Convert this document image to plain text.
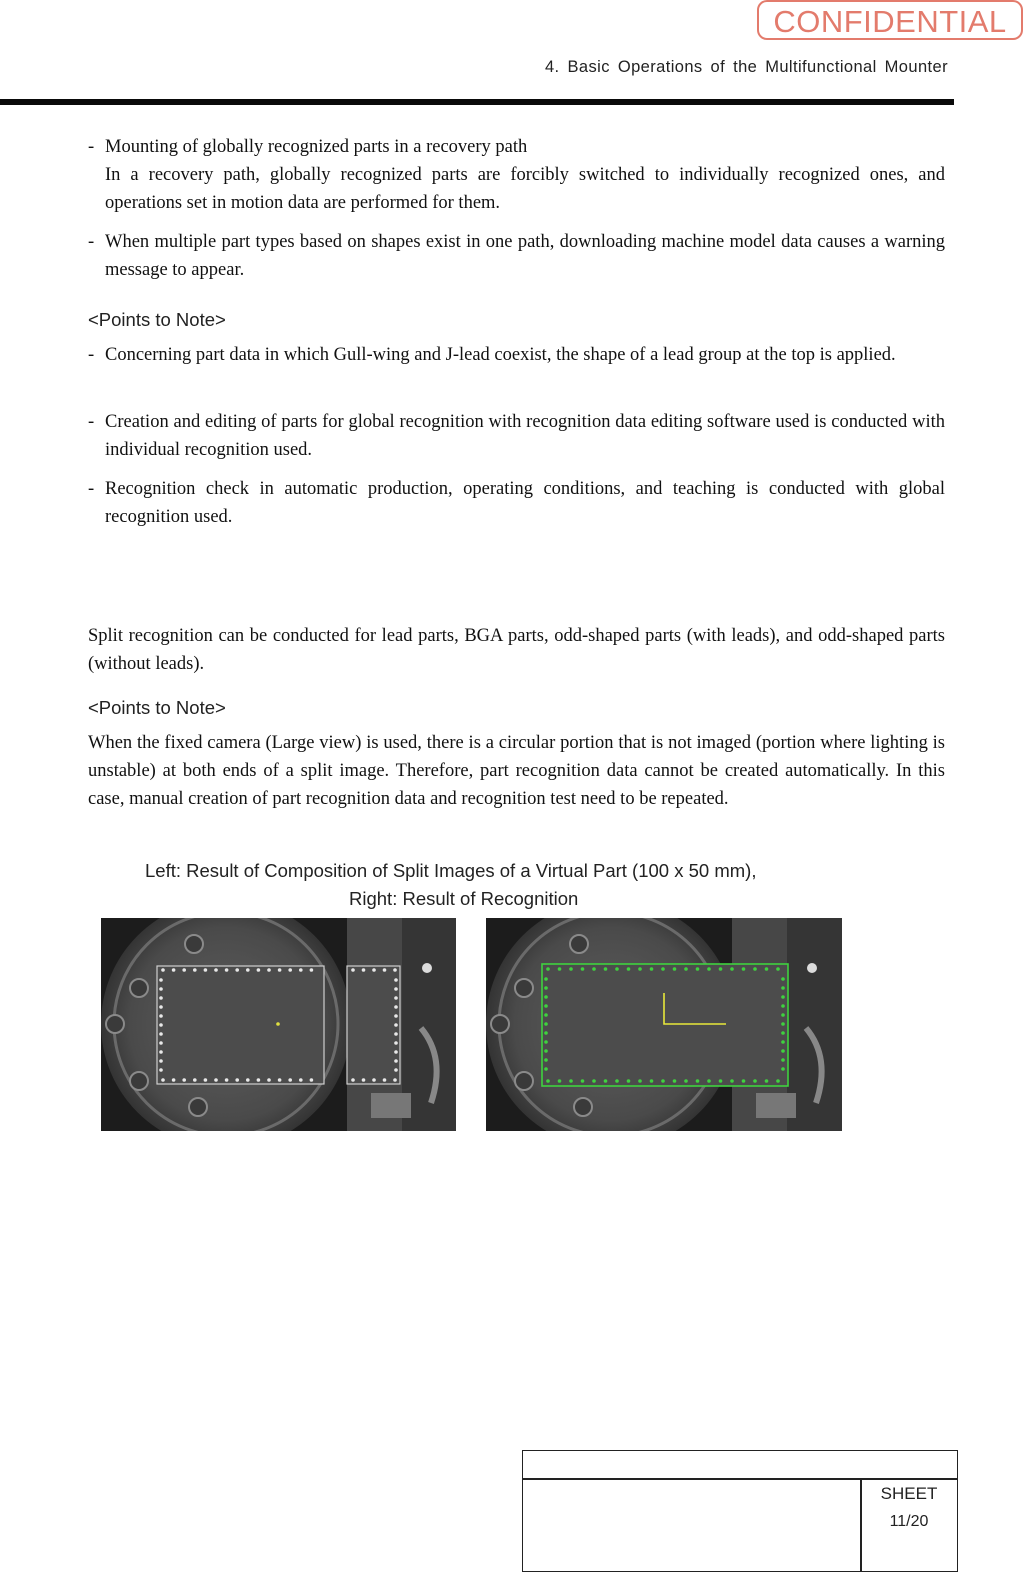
CONFIDENTIAL
4. Basic Operations of the Multifunctional Mounter
- Mounting of globally recognized parts in a recovery path
In a recovery path, globally recognized parts are forcibly switched to individually recognized ones, and operations set in motion data are performed for them.
- When multiple part types based on shapes exist in one path, downloading machine model data causes a warning message to appear.
<Points to Note>
- Concerning part data in which Gull-wing and J-lead coexist, the shape of a lead group at the top is applied.
- Creation and editing of parts for global recognition with recognition data editing software used is conducted with individual recognition used.
- Recognition check in automatic production, operating conditions, and teaching is conducted with global recognition used.
Split recognition can be conducted for lead parts, BGA parts, odd-shaped parts (with leads), and odd-shaped parts (without leads).
<Points to Note>
When the fixed camera (Large view) is used, there is a circular portion that is not imaged (portion where lighting is unstable) at both ends of a split image. Therefore, part recognition data cannot be created automatically. In this case, manual creation of part recognition data and recognition test need to be repeated.
Left: Result of Composition of Split Images of a Virtual Part (100 x 50 mm),
Right: Result of Recognition
SHEET
11/20
